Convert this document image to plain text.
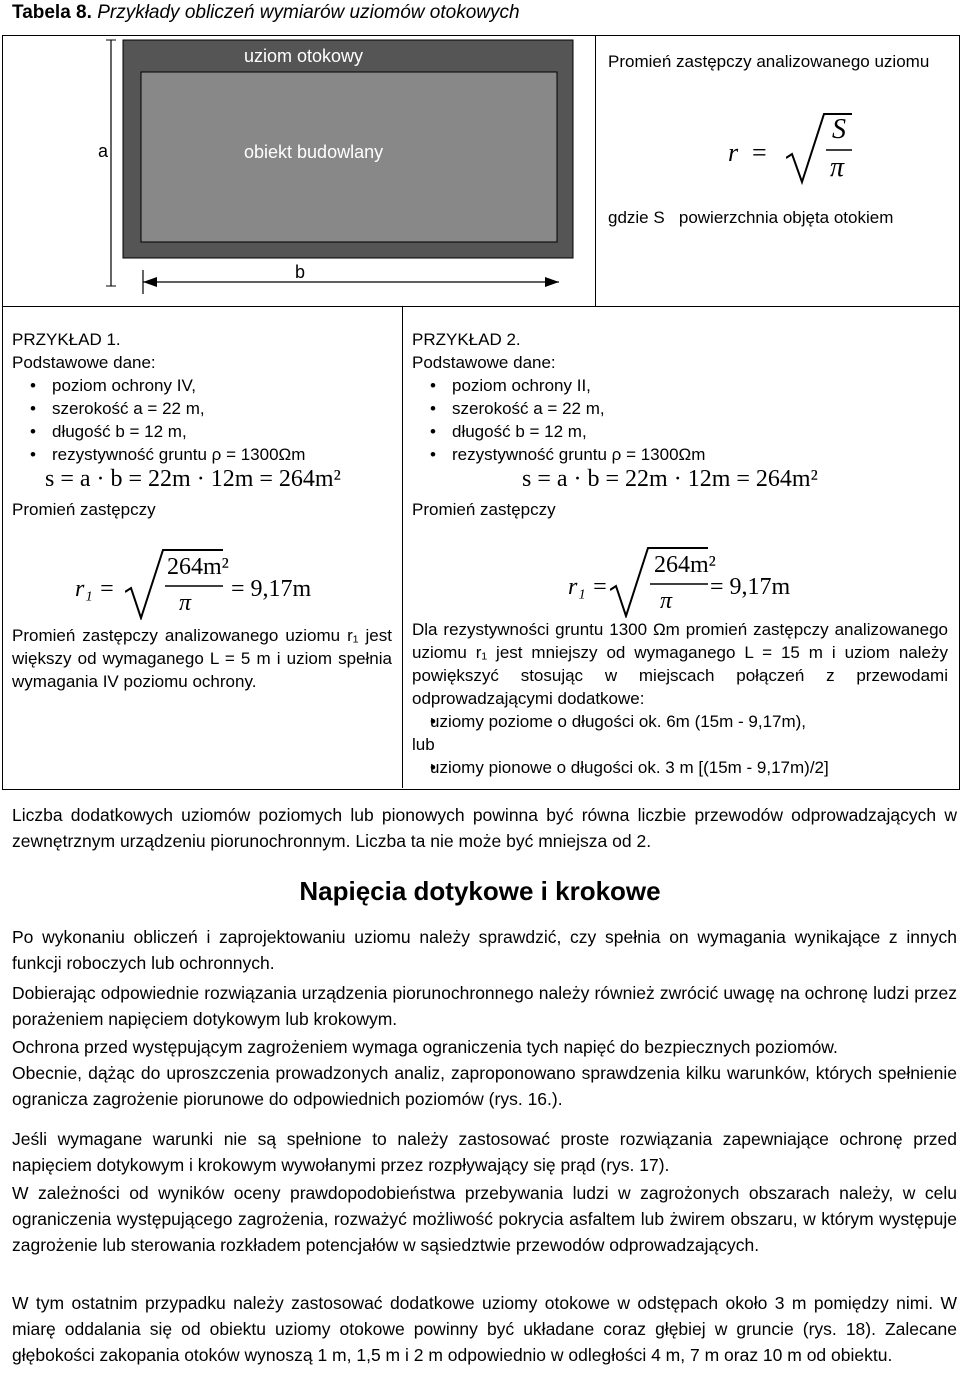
Tabela 8. Przykłady obliczeń wymiarów uziomów otokowych
uziom otokowy
obiekt budowlany
a
b
Promień zastępczy analizowanego uziomu
r =
S
π
gdzie S   powierzchnia objęta otokiem
PRZYKŁAD 1.
Podstawowe dane:
• poziom ochrony IV,
• szerokość a = 22 m,
• długość b = 12 m,
• rezystywność gruntu ρ = 1300Ωm
s = a · b = 22m · 12m = 264m²
Promień zastępczy
r₁ =
264m²
π
= 9,17m
Promień zastępczy analizowanego uziomu r₁ jest większy od wymaganego L = 5 m i uziom spełnia wymagania IV poziomu ochrony.
PRZYKŁAD 2.
Podstawowe dane:
• poziom ochrony II,
• szerokość a = 22 m,
• długość b = 12 m,
• rezystywność gruntu ρ = 1300Ωm
s = a · b = 22m · 12m = 264m²
Promień zastępczy
r₁ =
264m²
π
= 9,17m
Dla rezystywności gruntu 1300 Ωm promień zastępczy analizowanego uziomu r₁ jest mniejszy od wymaganego L = 15 m i uziom należy powiększyć stosując w miejscach połączeń z przewodami odprowadzającymi dodatkowe:
• uziomy poziome o długości ok. 6m (15m - 9,17m),
lub
• uziomy pionowe o długości ok. 3 m [(15m - 9,17m)/2]
Liczba dodatkowych uziomów poziomych lub pionowych powinna być równa liczbie przewodów odprowadzających w zewnętrznym urządzeniu piorunochronnym. Liczba ta nie może być mniejsza od 2.
Napięcia dotykowe i krokowe
Po wykonaniu obliczeń i zaprojektowaniu uziomu należy sprawdzić, czy spełnia on wymagania wynikające z innych funkcji roboczych lub ochronnych.
Dobierając odpowiednie rozwiązania urządzenia piorunochronnego należy również zwrócić uwagę na ochronę ludzi przez porażeniem napięciem dotykowym lub krokowym.
Ochrona przed występującym zagrożeniem wymaga ograniczenia tych napięć do bezpiecznych poziomów.
Obecnie, dążąc do uproszczenia prowadzonych analiz, zaproponowano sprawdzenia kilku warunków, których spełnienie ogranicza zagrożenie piorunowe do odpowiednich poziomów (rys. 16.).
Jeśli wymagane warunki nie są spełnione to należy zastosować proste rozwiązania zapewniające ochronę przed napięciem dotykowym i krokowym wywołanymi przez rozpływający się prąd (rys. 17).
W zależności od wyników oceny prawdopodobieństwa przebywania ludzi w zagrożonych obszarach należy, w celu ograniczenia występującego zagrożenia, rozważyć możliwość pokrycia asfaltem lub żwirem obszaru, w którym występuje zagrożenie lub sterowania rozkładem potencjałów w sąsiedztwie przewodów odprowadzających.
W tym ostatnim przypadku należy zastosować dodatkowe uziomy otokowe w odstępach około 3 m pomiędzy nimi. W miarę oddalania się od obiektu uziomy otokowe powinny być układane coraz głębiej w gruncie (rys. 18). Zalecane głębokości zakopania otoków wynoszą 1 m, 1,5 m i 2 m odpowiednio w odległości 4 m, 7 m oraz 10 m od obiektu.
